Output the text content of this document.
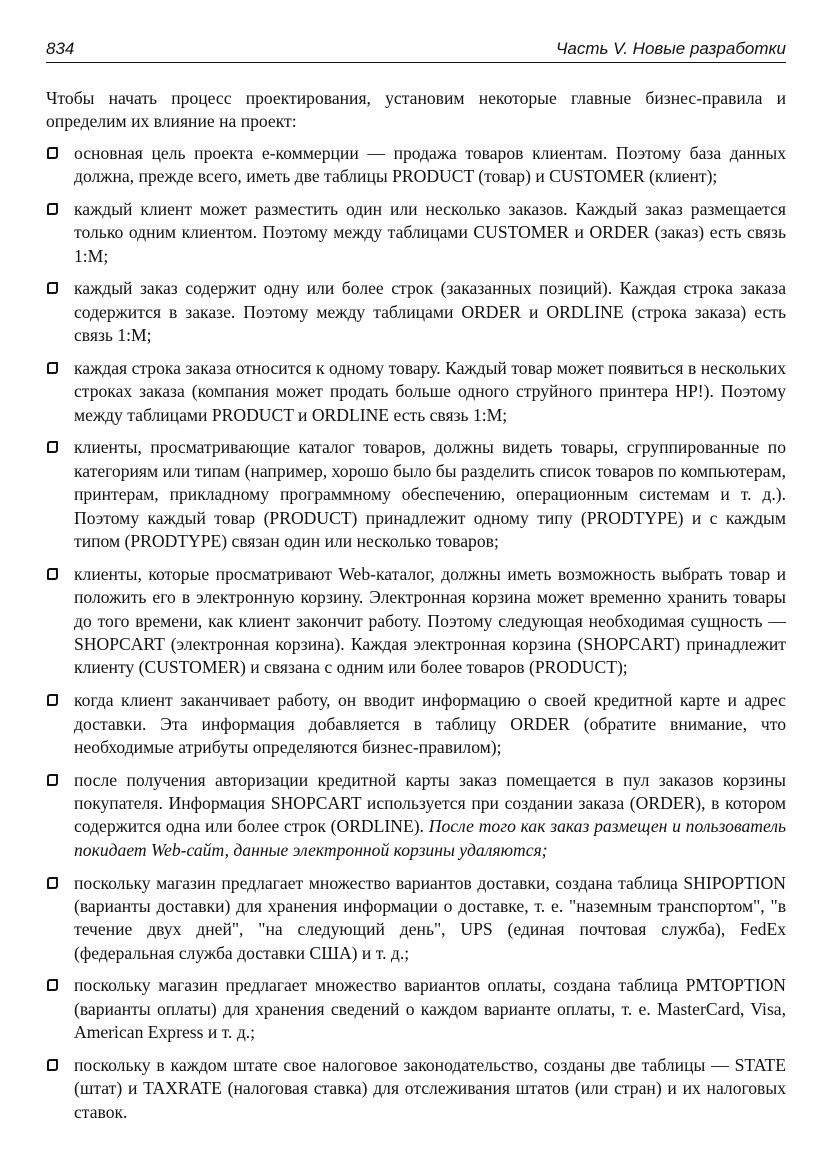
834	Часть V. Новые разработки

Чтобы начать процесс проектирования, установим некоторые главные бизнес-правила и определим их влияние на проект:

основная цель проекта е-коммерции — продажа товаров клиентам. Поэтому база данных должна, прежде всего, иметь две таблицы PRODUCT (товар) и CUSTOMER (клиент);
каждый клиент может разместить один или несколько заказов. Каждый заказ размещается только одним клиентом. Поэтому между таблицами CUSTOMER и ORDER (заказ) есть связь 1:M;
каждый заказ содержит одну или более строк (заказанных позиций). Каждая строка заказа содержится в заказе. Поэтому между таблицами ORDER и ORDLINE (строка заказа) есть связь 1:M;
каждая строка заказа относится к одному товару. Каждый товар может появиться в нескольких строках заказа (компания может продать больше одного струйного принтера HP!). Поэтому между таблицами PRODUCT и ORDLINE есть связь 1:M;
клиенты, просматривающие каталог товаров, должны видеть товары, сгруппированные по категориям или типам (например, хорошо было бы разделить список товаров по компьютерам, принтерам, прикладному программному обеспечению, операционным системам и т. д.). Поэтому каждый товар (PRODUCT) принадлежит одному типу (PRODTYPE) и с каждым типом (PRODTYPE) связан один или несколько товаров;
клиенты, которые просматривают Web-каталог, должны иметь возможность выбрать товар и положить его в электронную корзину. Электронная корзина может временно хранить товары до того времени, как клиент закончит работу. Поэтому следующая необходимая сущность — SHOPCART (электронная корзина). Каждая электронная корзина (SHOPCART) принадлежит клиенту (CUSTOMER) и связана с одним или более товаров (PRODUCT);
когда клиент заканчивает работу, он вводит информацию о своей кредитной карте и адрес доставки. Эта информация добавляется в таблицу ORDER (обратите внимание, что необходимые атрибуты определяются бизнес-правилом);
после получения авторизации кредитной карты заказ помещается в пул заказов корзины покупателя. Информация SHOPCART используется при создании заказа (ORDER), в котором содержится одна или более строк (ORDLINE). После того как заказ размещен и пользователь покидает Web-сайт, данные электронной корзины удаляются;
поскольку магазин предлагает множество вариантов доставки, создана таблица SHIPOPTION (варианты доставки) для хранения информации о доставке, т. е. "наземным транспортом", "в течение двух дней", "на следующий день", UPS (единая почтовая служба), FedEx (федеральная служба доставки США) и т. д.;
поскольку магазин предлагает множество вариантов оплаты, создана таблица PMTOPTION (варианты оплаты) для хранения сведений о каждом варианте оплаты, т. е. MasterCard, Visa, American Express и т. д.;
поскольку в каждом штате свое налоговое законодательство, созданы две таблицы — STATE (штат) и TAXRATE (налоговая ставка) для отслеживания штатов (или стран) и их налоговых ставок.
